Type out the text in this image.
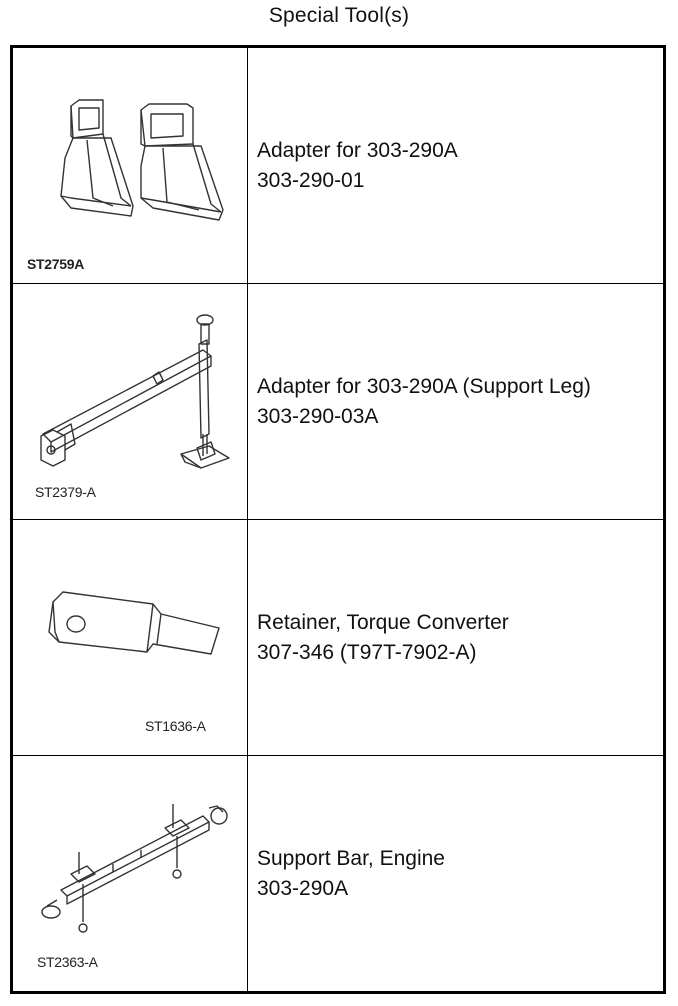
Special Tool(s)
ST2759A
Adapter for 303-290A
303-290-01
ST2379-A
Adapter for 303-290A (Support Leg)
303-290-03A
ST1636-A
Retainer, Torque Converter
307-346 (T97T-7902-A)
ST2363-A
Support Bar, Engine
303-290A
